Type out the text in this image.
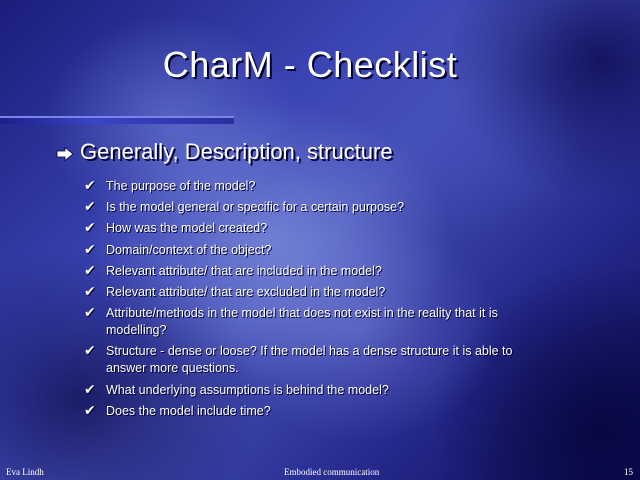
CharM - Checklist
Generally, Description, structure
✔ The purpose of the model?
✔ Is the model general or specific for a certain purpose?
✔ How was the model created?
✔ Domain/context of the object?
✔ Relevant attribute/ that are included in the model?
✔ Relevant attribute/ that are excluded in the model?
✔ Attribute/methods in the model that does not exist in the reality that it is modelling?
✔ Structure - dense or loose? If the model has a dense structure it is able to answer more questions.
✔ What underlying assumptions is behind the model?
✔ Does the model include time?
Eva Lindh	Embodied communication	15
